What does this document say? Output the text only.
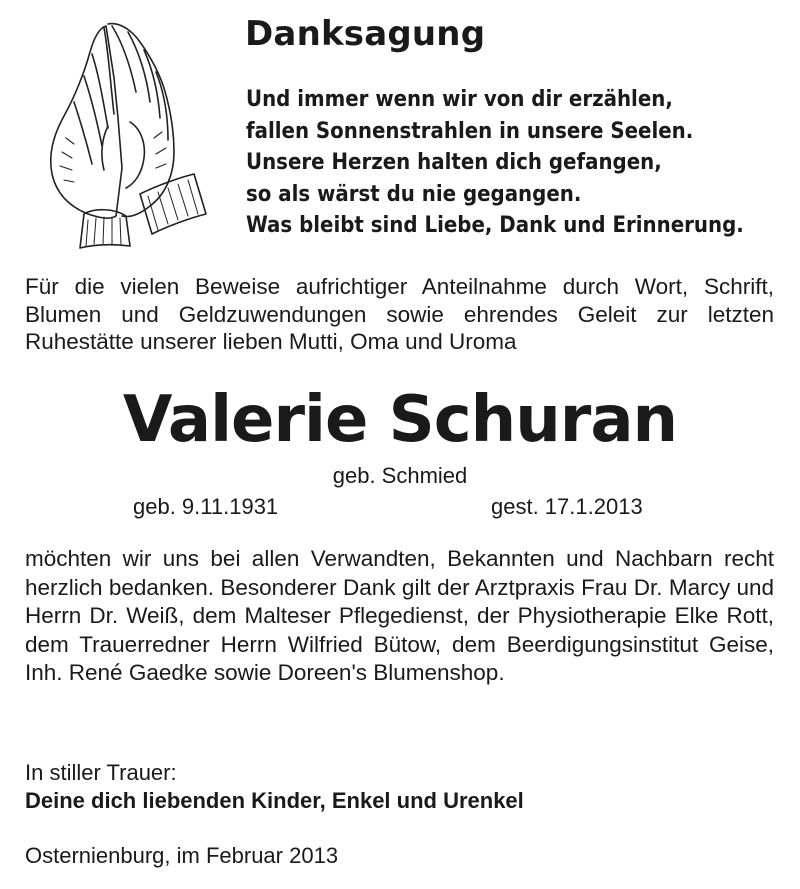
Danksagung
Und immer wenn wir von dir erzählen,
fallen Sonnenstrahlen in unsere Seelen.
Unsere Herzen halten dich gefangen,
so als wärst du nie gegangen.
Was bleibt sind Liebe, Dank und Erinnerung.
Für die vielen Beweise aufrichtiger Anteilnahme durch Wort, Schrift, Blumen und Geldzuwendungen sowie ehrendes Geleit zur letzten Ruhestätte unserer lieben Mutti, Oma und Uroma
Valerie Schuran
geb. Schmied
geb. 9.11.1931	gest. 17.1.2013
möchten wir uns bei allen Verwandten, Bekannten und Nachbarn recht herzlich bedanken. Besonderer Dank gilt der Arztpraxis Frau Dr. Marcy und Herrn Dr. Weiß, dem Malteser Pflegedienst, der Physiotherapie Elke Rott, dem Trauerredner Herrn Wilfried Bütow, dem Beerdigungsinstitut Geise, Inh. René Gaedke sowie Doreen's Blumenshop.
In stiller Trauer:
Deine dich liebenden Kinder, Enkel und Urenkel
Osternienburg, im Februar 2013
